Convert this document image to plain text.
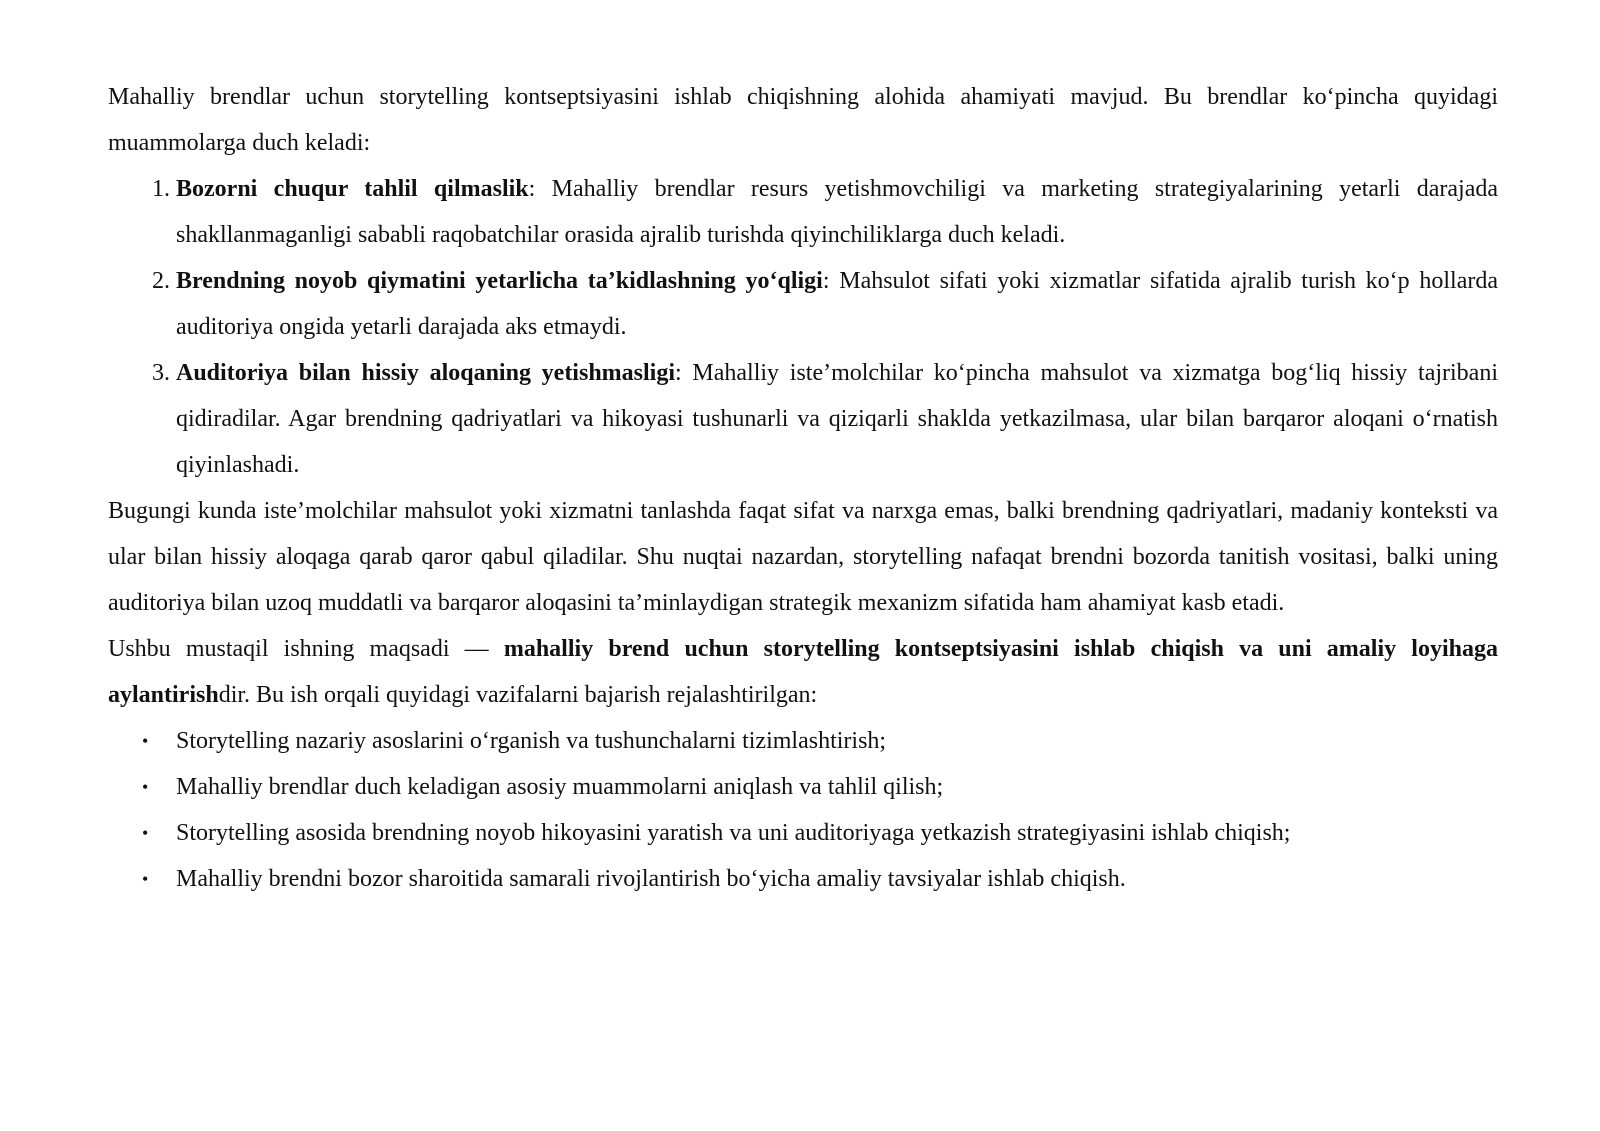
Mahalliy brendlar uchun storytelling kontseptsiyasini ishlab chiqishning alohida ahamiyati mavjud. Bu brendlar ko‘pincha quyidagi muammolarga duch keladi:

1. Bozorni chuqur tahlil qilmaslik: Mahalliy brendlar resurs yetishmovchiligi va marketing strategiyalarining yetarli darajada shakllanmaganligi sababli raqobatchilar orasida ajralib turishda qiyinchiliklarga duch keladi.
2. Brendning noyob qiymatini yetarlicha ta’kidlashning yo‘qligi: Mahsulot sifati yoki xizmatlar sifatida ajralib turish ko‘p hollarda auditoriya ongida yetarli darajada aks etmaydi.
3. Auditoriya bilan hissiy aloqaning yetishmasligi: Mahalliy iste’molchilar ko‘pincha mahsulot va xizmatga bog‘liq hissiy tajribani qidiradilar. Agar brendning qadriyatlari va hikoyasi tushunarli va qiziqarli shaklda yetkazilmasa, ular bilan barqaror aloqani o‘rnatish qiyinlashadi.

Bugungi kunda iste’molchilar mahsulot yoki xizmatni tanlashda faqat sifat va narxga emas, balki brendning qadriyatlari, madaniy konteksti va ular bilan hissiy aloqaga qarab qaror qabul qiladilar. Shu nuqtai nazardan, storytelling nafaqat brendni bozorda tanitish vositasi, balki uning auditoriya bilan uzoq muddatli va barqaror aloqasini ta’minlaydigan strategik mexanizm sifatida ham ahamiyat kasb etadi.

Ushbu mustaqil ishning maqsadi — mahalliy brend uchun storytelling kontseptsiyasini ishlab chiqish va uni amaliy loyihaga aylantirishdir. Bu ish orqali quyidagi vazifalarni bajarish rejalashtirilgan:

• Storytelling nazariy asoslarini o‘rganish va tushunchalarni tizimlashtirish;
• Mahalliy brendlar duch keladigan asosiy muammolarni aniqlash va tahlil qilish;
• Storytelling asosida brendning noyob hikoyasini yaratish va uni auditoriyaga yetkazish strategiyasini ishlab chiqish;
• Mahalliy brendni bozor sharoitida samarali rivojlantirish bo‘yicha amaliy tavsiyalar ishlab chiqish.
